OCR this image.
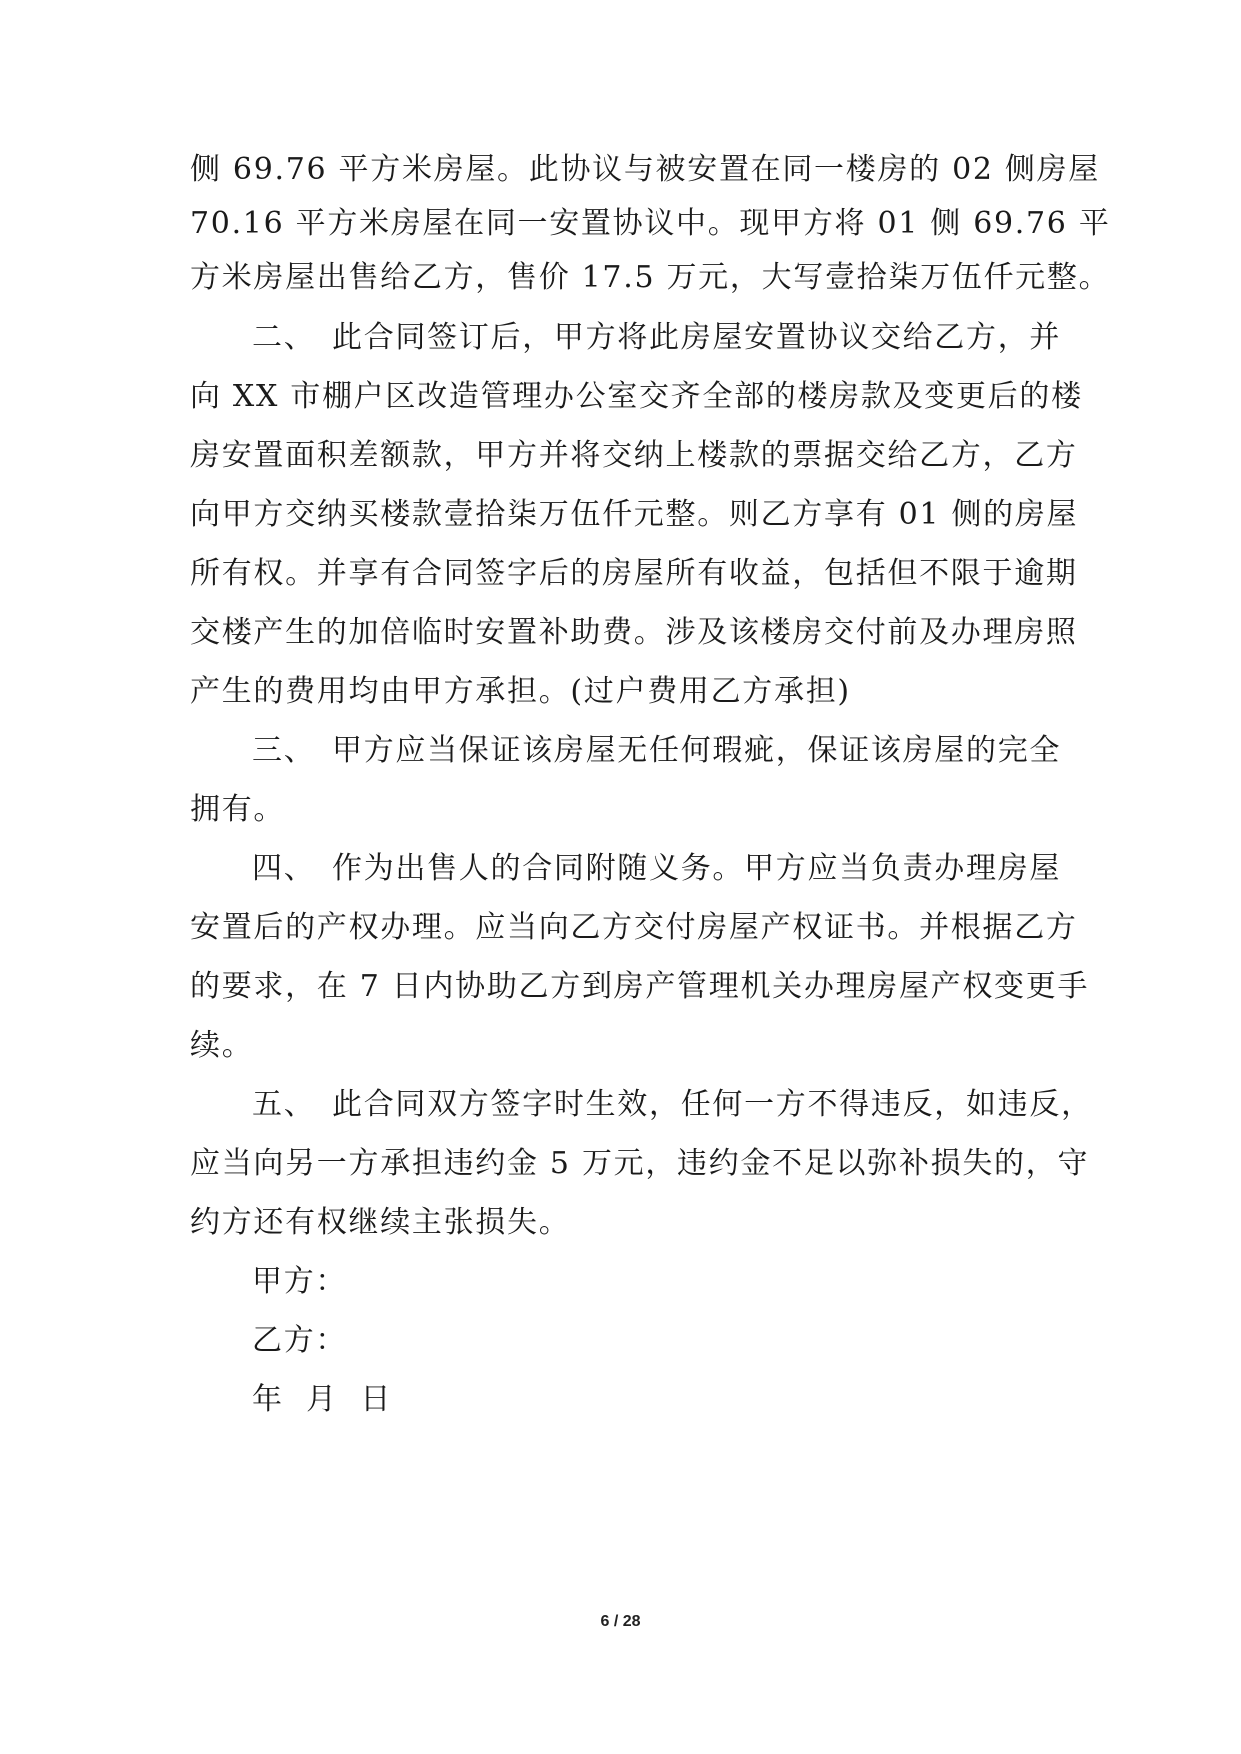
侧 69.76 平方米房屋。此协议与被安置在同一楼房的 02 侧房屋
70.16 平方米房屋在同一安置协议中。现甲方将 01 侧 69.76 平
方米房屋出售给乙方，售价 17.5 万元，大写壹拾柒万伍仟元整。
二、 此合同签订后，甲方将此房屋安置协议交给乙方，并
向 XX 市棚户区改造管理办公室交齐全部的楼房款及变更后的楼
房安置面积差额款，甲方并将交纳上楼款的票据交给乙方，乙方
向甲方交纳买楼款壹拾柒万伍仟元整。则乙方享有 01 侧的房屋
所有权。并享有合同签字后的房屋所有收益，包括但不限于逾期
交楼产生的加倍临时安置补助费。涉及该楼房交付前及办理房照
产生的费用均由甲方承担。(过户费用乙方承担)
三、 甲方应当保证该房屋无任何瑕疵，保证该房屋的完全
拥有。
四、 作为出售人的合同附随义务。甲方应当负责办理房屋
安置后的产权办理。应当向乙方交付房屋产权证书。并根据乙方
的要求，在 7 日内协助乙方到房产管理机关办理房屋产权变更手
续。
五、 此合同双方签字时生效，任何一方不得违反，如违反，
应当向另一方承担违约金 5 万元，违约金不足以弥补损失的，守
约方还有权继续主张损失。
甲方：
乙方：
年  月  日
6 / 28
